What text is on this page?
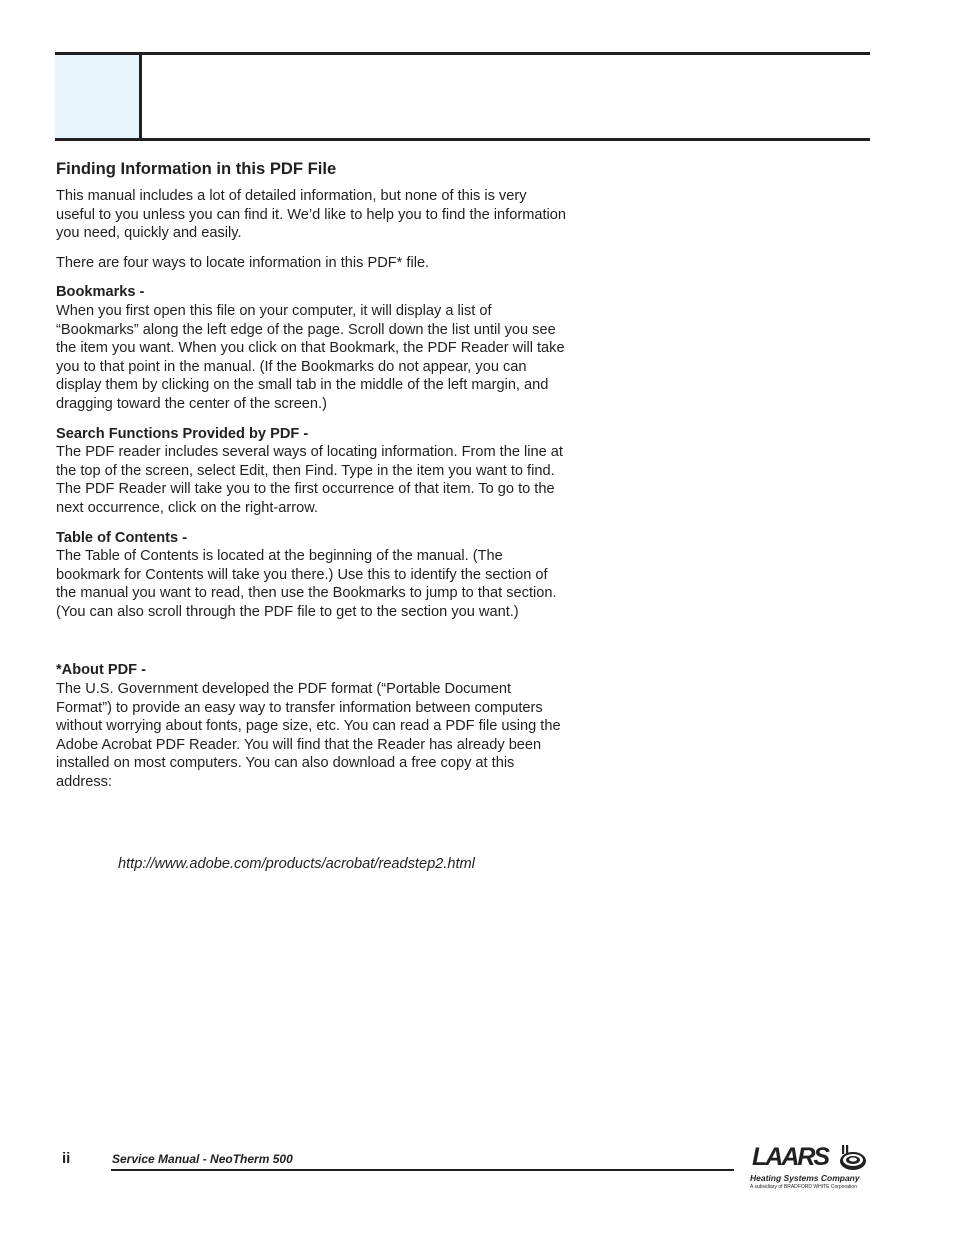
Finding Information in this PDF File

This manual includes a lot of detailed information, but none of this is very useful to you unless you can find it. We’d like to help you to find the information you need, quickly and easily.

There are four ways to locate information in this PDF* file.

Bookmarks -
When you first open this file on your computer, it will display a list of “Bookmarks” along the left edge of the page. Scroll down the list until you see the item you want. When you click on that Bookmark, the PDF Reader will take you to that point in the manual. (If the Bookmarks do not appear, you can display them by clicking on the small tab in the middle of the left margin, and dragging toward the center of the screen.)
Search Functions Provided by PDF -
The PDF reader includes several ways of locating information. From the line at the top of the screen, select Edit, then Find. Type in the item you want to find. The PDF Reader will take you to the first occurrence of that item. To go to the next occurrence, click on the right-arrow.
Table of Contents -
The Table of Contents is located at the beginning of the manual. (The bookmark for Contents will take you there.) Use this to identify the section of the manual you want to read, then use the Bookmarks to jump to that section. (You can also scroll through the PDF file to get to the section you want.)
*About PDF -
The U.S. Government developed the PDF format (“Portable Document Format”) to provide an easy way to transfer information between computers without worrying about fonts, page size, etc. You can read a PDF file using the Adobe Acrobat PDF Reader. You will find that the Reader has already been installed on most computers. You can also download a free copy at this address:
http://www.adobe.com/products/acrobat/readstep2.html
ii	Service Manual - NeoTherm 500	LAARS
Heating Systems Company
A subsidiary of BRADFORD WHITE Corporation
